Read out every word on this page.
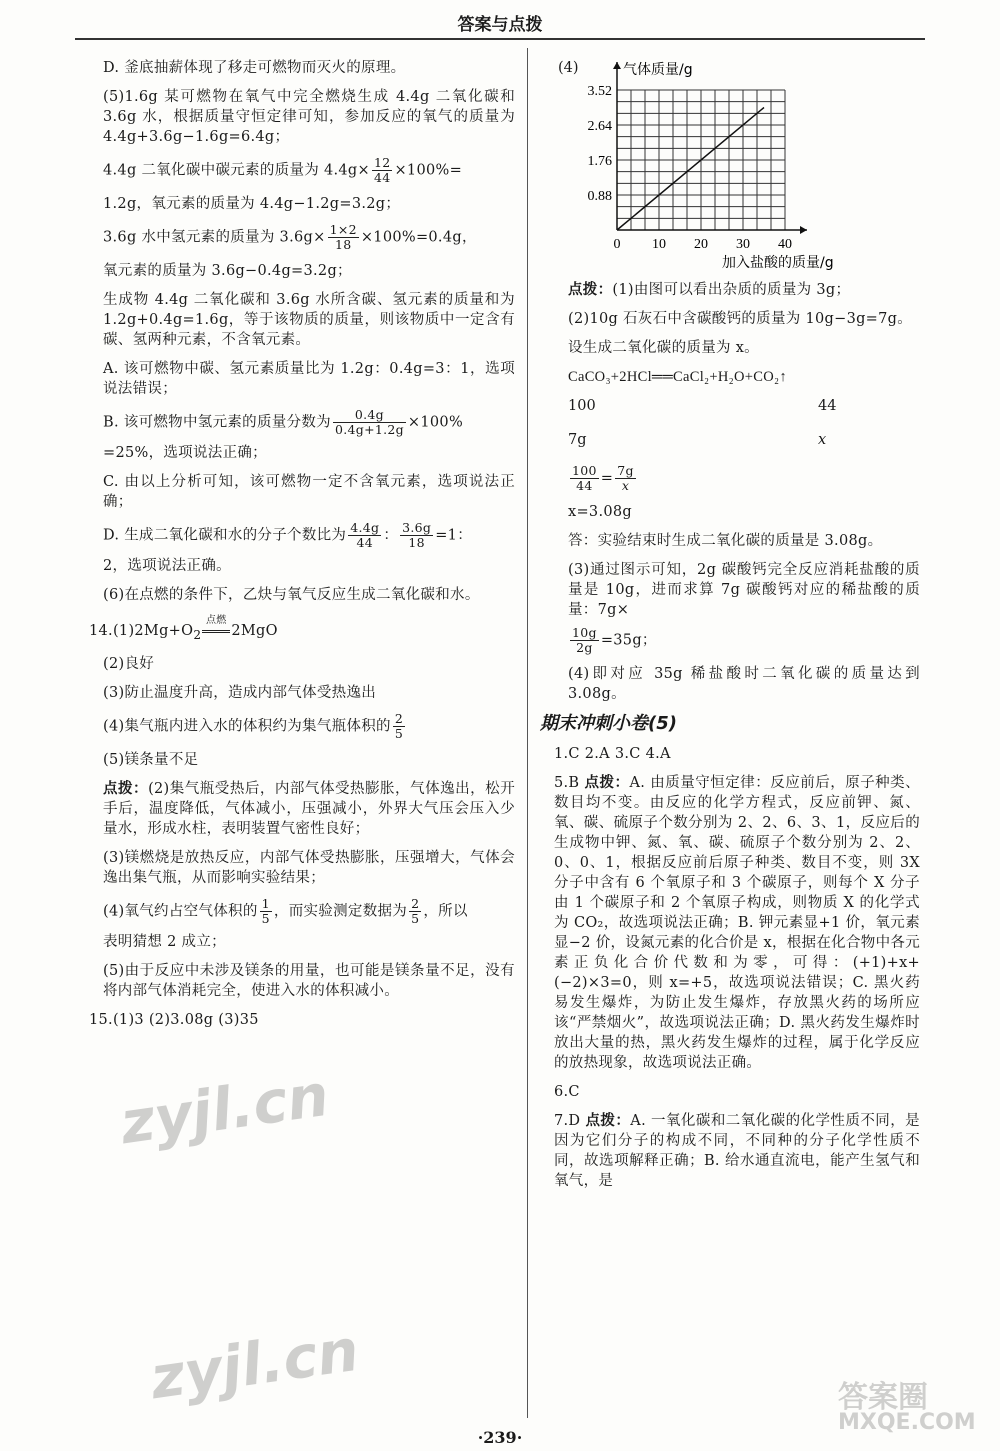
答案与点拨

D. 釜底抽薪体现了移走可燃物而灭火的原理。

(5)1.6g 某可燃物在氧气中完全燃烧生成 4.4g 二氧化碳和3.6g 水，根据质量守恒定律可知，参加反应的氧气的质量为4.4g+3.6g−1.6g=6.4g；

4.4g 二氧化碳中碳元素的质量为 $4.4g\times \frac{12}{44} \times 100\%=$

1.2g，氧元素的质量为 4.4g−1.2g=3.2g；

3.6g 水中氢元素的质量为 $3.6g\times \frac{1\times 2}{18} \times 100\%=0.4g$，

氧元素的质量为 3.6g−0.4g=3.2g；

生成物 4.4g 二氧化碳和 3.6g 水所含碳、氢元素的质量和为 1.2g+0.4g=1.6g，等于该物质的质量，则该物质中一定含有碳、氢两种元素，不含氧元素。

A. 该可燃物中碳、氢元素质量比为 1.2g：0.4g=3：1，选项说法错误；

B. 该可燃物中氢元素的质量分数为 $\frac{0.4g}{0.4g+1.2g} \times 100\%$

=25%，选项说法正确；

C. 由以上分析可知，该可燃物一定不含氧元素，选项说法正确；

D. 生成二氧化碳和水的分子个数比为 $\frac{4.4g}{44}$ ： $\frac{3.6g}{18} =1$：

2，选项说法正确。

(6)在点燃的条件下，乙炔与氧气反应生成二氧化碳和水。

$14.(1)2Mg+O_2$
点燃
2MgO

(2)良好

(3)防止温度升高，造成内部气体受热逸出

(4)集气瓶内进入水的体积约为集气瓶体积的 $\frac{2}{5}$

(5)镁条量不足

点拨：(2)集气瓶受热后，内部气体受热膨胀，气体逸出，松开手后，温度降低，气体减小，压强减小，外界大气压会压入少量水，形成水柱，表明装置气密性良好；

(3)镁燃烧是放热反应，内部气体受热膨胀，压强增大，气体会逸出集气瓶，从而影响实验结果；

(4)氧气约占空气体积的 $\frac{1}{5}$ ，而实验测定数据为 $\frac{2}{5}$ ，所以

表明猜想 2 成立；

(5)由于反应中未涉及镁条的用量，也可能是镁条量不足，没有将内部气体消耗完全，使进入水的体积减小。

15.(1)3 (2)3.08g (3)35

(4)
0.88
1.76
2.64
3.52
0 10 20 30 40
气体质量/g
加入盐酸的质量/g

点拨：(1)由图可以看出杂质的质量为 3g；

(2)10g 石灰石中含碳酸钙的质量为 10g−3g=7g。

设生成二氧化碳的质量为 x。

CaCO₃+2HCl══CaCl₂+H₂O+CO₂↑

100	44
7g	x

$\frac{100}{44} = \frac{7g}{x}$

x=3.08g

答：实验结束时生成二氧化碳的质量是 3.08g。

(3)通过图示可知，2g 碳酸钙完全反应消耗盐酸的质量是 10g，进而求算 7g 碳酸钙对应的稀盐酸的质量：7g×

$\frac{10g}{2g} =35g$；

(4)即对应 35g 稀盐酸时二氧化碳的质量达到 3.08g。

期末冲刺小卷(5)

1.C 2.A 3.C 4.A

5.B 点拨：A. 由质量守恒定律：反应前后，原子种类、数目均不变。由反应的化学方程式，反应前钾、氮、氧、碳、硫原子个数分别为 2、2、6、3、1，反应后的生成物中钾、氮、氧、碳、硫原子个数分别为 2、2、0、0、1，根据反应前后原子种类、数目不变，则 3X 分子中含有 6 个氧原子和 3 个碳原子，则每个 X 分子由 1 个碳原子和 2 个氧原子构成，则物质 X 的化学式为 CO₂，故选项说法正确；B. 钾元素显+1 价，氧元素显−2 价，设氮元素的化合价是 x，根据在化合物中各元素正负化合价代数和为零，可得：(+1)+x+(−2)×3=0，则 x=+5，故选项说法错误；C. 黑火药易发生爆炸，为防止发生爆炸，存放黑火药的场所应该“严禁烟火”，故选项说法正确；D. 黑火药发生爆炸时放出大量的热，黑火药发生爆炸的过程，属于化学反应的放热现象，故选项说法正确。

6.C

7.D 点拨：A. 一氧化碳和二氧化碳的化学性质不同，是因为它们分子的构成不同，不同种的分子化学性质不同，故选项解释正确；B. 给水通直流电，能产生氢气和氧气，是

·239·
zyjl.cn
zyjl.cn	答案圈
MXQE.COM
